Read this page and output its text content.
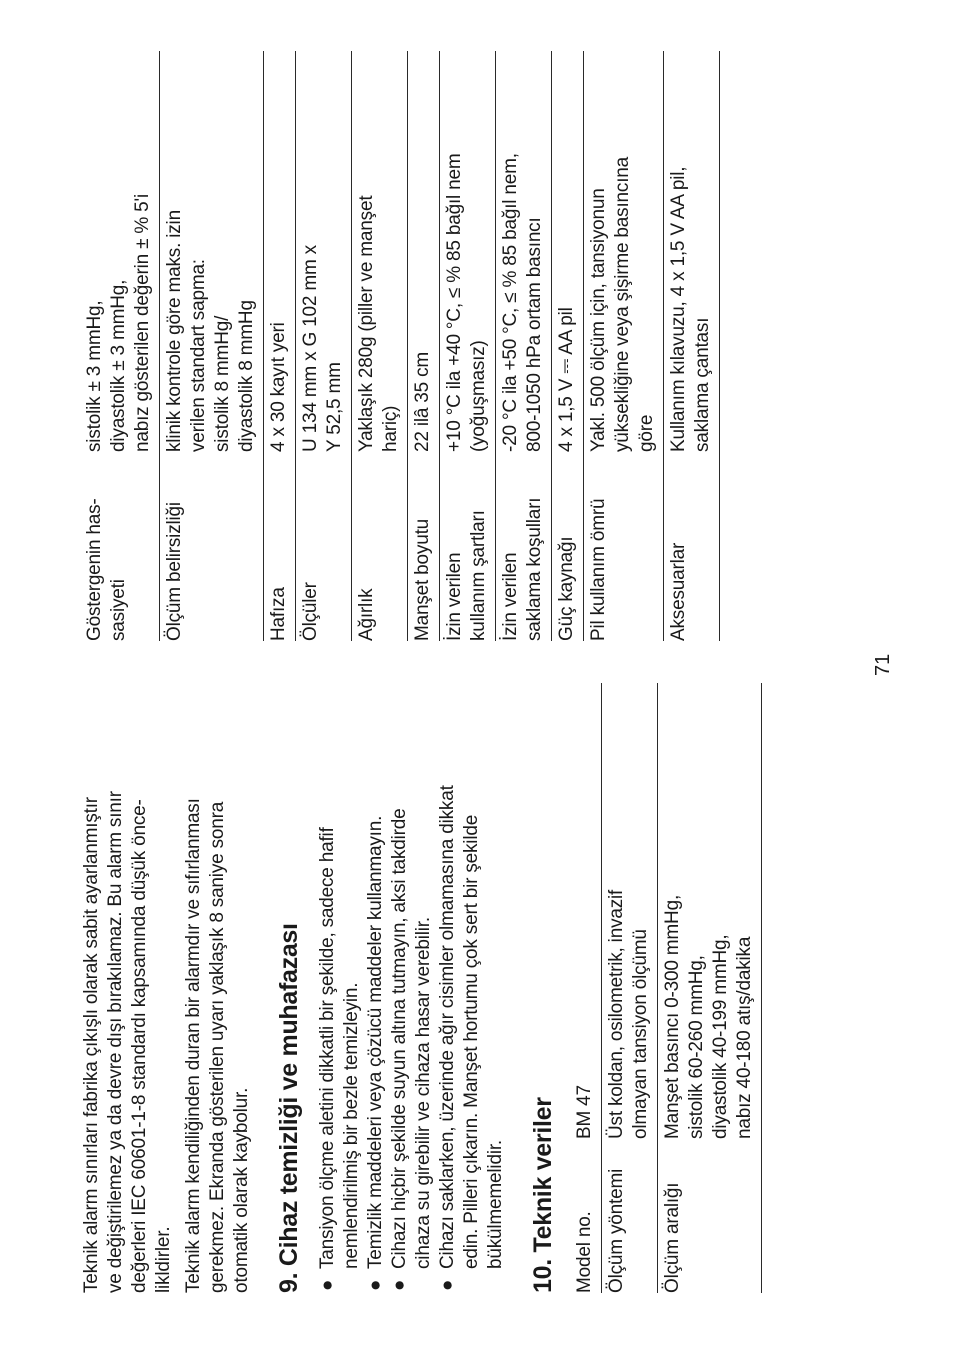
Teknik alarm sınırları fabrika çıkışlı olarak sabit ayarlanmıştır ve değiştirilemez ya da devre dışı bırakılamaz. Bu alarm sınır değerleri IEC 60601-1-8 standardı kapsamında düşük önce- likldirler. Teknik alarm kendiliğinden duran bir alarmdır ve sıfırlanması gerekmez. Ekranda gösterilen uyarı yaklaşık 8 saniye sonra otomatik olarak kaybolur. 9. Cihaz temizliği ve muhafazası ●
Tansiyon ölçme aletini dikkatli bir şekilde, sadece hafif nemlendirilmiş bir bezle temizleyin.
●
Temizlik maddeleri veya çözücü maddeler kullanmayın.
●
Cihazı hiçbir şekilde suyun altına tutmayın, aksi takdirde cihaza su girebilir ve cihaza hasar verebilir.
●
Cihazı saklarken, üzerinde ağır cisimler olmamasına dikkat edin. Pilleri çıkarın. Manşet hortumu çok sert bir şekilde bükülmemelidir. 10. Teknik veriler Model no.	BM 47
Ölçüm yöntemi	Üst koldan, osilometrik, invazif olmayan tansiyon ölçümü

Ölçüm aralığı	Manşet basıncı 0-300 mmHg, sistolik 60-260 mmHg, diyastolik 40-199 mmHg, nabız 40-180 atış/dakika
Göstergenin has- sasiyeti	sistolik ± 3 mmHg, diyastolik ± 3 mmHg, nabız gösterilen değerin ± % 5'i

Ölçüm belirsizliği	klinik kontrole göre maks. izin verilen standart sapma: sistolik 8 mmHg/ diyastolik 8 mmHg

Hafıza	4 x 30 kayıt yeri

Ölçüler	U 134 mm x G 102 mm x Y 52,5 mm

Ağırlık	Yaklaşık 280g (piller ve manşet hariç)

Manşet boyutu	22 ilâ 35 cm

İzin verilen kullanım şartları	+10 °C ila +40 °C, ≤ % 85 bağıl nem (yoğuşmasız)

İzin verilen saklama koşulları	-20 °C ila +50 °C, ≤ % 85 bağıl nem, 800-1050 hPa ortam basıncı

Güç kaynağı	4 x 1,5 V ⎓ AA pil

Pil kullanım ömrü	Yakl. 500 ölçüm için, tansiyonun yüksekliğine veya şişirme basıncına göre

Aksesuarlar	Kullanım kılavuzu, 4 x 1,5 V AA pil, saklama çantası
71
